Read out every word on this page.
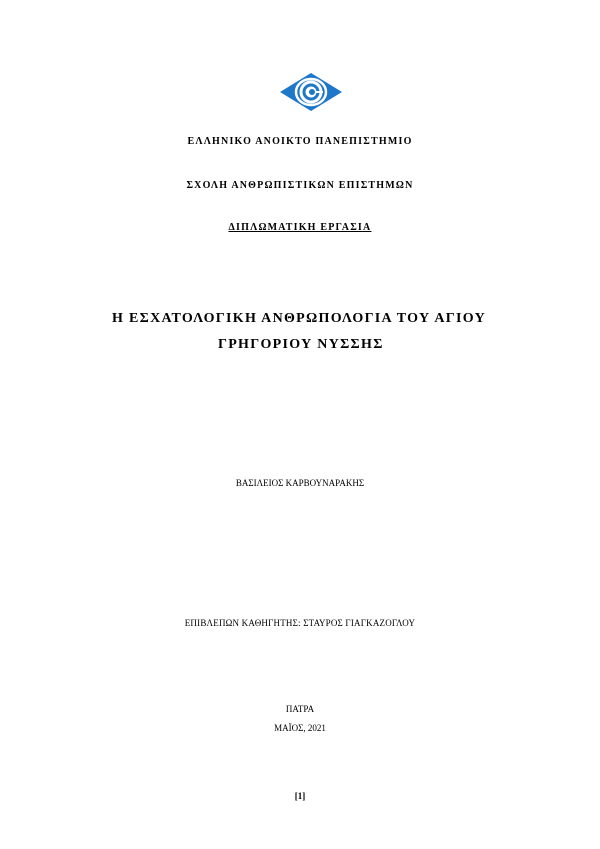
ΕΛΛΗΝΙΚΟ ΑΝΟΙΚΤΟ ΠΑΝΕΠΙΣΤΗΜΙΟ
ΣΧΟΛΗ ΑΝΘΡΩΠΙΣΤΙΚΩΝ ΕΠΙΣΤΗΜΩΝ
ΔΙΠΛΩΜΑΤΙΚΗ ΕΡΓΑΣΙΑ
Η ΕΣΧΑΤΟΛΟΓΙΚΗ ΑΝΘΡΩΠΟΛΟΓΙΑ ΤΟΥ ΑΓΙΟΥ
ΓΡΗΓΟΡΙΟΥ ΝΥΣΣΗΣ
ΒΑΣΙΛΕΙΟΣ ΚΑΡΒΟΥΝΑΡΑΚΗΣ
ΕΠΙΒΛΕΠΩΝ ΚΑΘΗΓΗΤΗΣ: ΣΤΑΥΡΟΣ ΓΙΑΓΚΑΖΟΓΛΟΥ
ΠΑΤΡΑ
ΜΑΪΟΣ, 2021
[1]
